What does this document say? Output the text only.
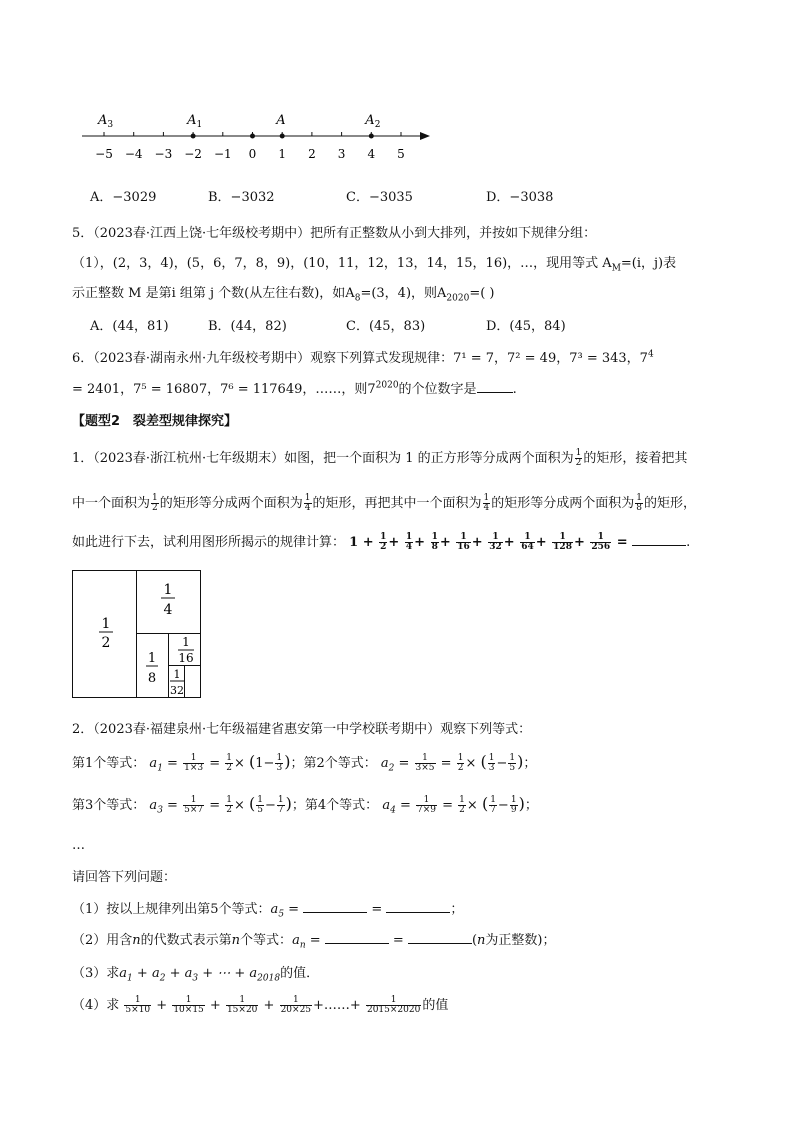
−5 −4 −3 −2 −1 0 1 2 3 4 5
$A_3$	$A_1$	A	$A_2$
A．−3029	B．−3032	C．−3035	D．−3038
5．（2023春·江西上饶·七年级校考期中）把所有正整数从小到大排列，并按如下规律分组：
（1），(2，3，4)，(5，6，7，8，9)，(10，11，12，13，14，15，16)，…，现用等式 $A_M=(i$，j)表
示正整数 M 是第i 组第 j 个数(从左往右数)，如$A_8=(3$，4)，则$A_{2020}=$( )
A．(44，81)	B．(44，82)	C．(45，83)	D．(45，84)
6．（2023春·湖南永州·九年级校考期中）观察下列算式发现规律：7¹ = 7，7² = 49，7³ = 343，$7^4$
= 2401，7⁵ = 16807，7⁶ = 117649，……，则$7^{2020}$的个位数字是	.
【题型2　裂差型规律探究】
1．（2023春·浙江杭州·七年级期末）如图，把一个面积为 1 的正方形等分成两个面积为 $\frac{1}{2}$ 的矩形，接着把其
中一个面积为 $\frac{1}{2}$ 的矩形等分成两个面积为 $\frac{1}{4}$ 的矩形，再把其中一个面积为 $\frac{1}{4}$ 的矩形等分成两个面积为 $\frac{1}{8}$ 的矩形，
如此进行下去，试利用图形所揭示的规律计算： $1 + \frac{1}{2} + \frac{1}{4} + \frac{1}{8} + \frac{1}{16} + \frac{1}{32} + \frac{1}{64} + \frac{1}{128} + \frac{1}{256}$ =	.
1
2
1
4
1
8
1
16
1
32
2．（2023春·福建泉州·七年级福建省惠安第一中学校联考期中）观察下列等式：
第1个等式： $a_1 = \frac{1}{1\times 3} = \frac{1}{2} \times (1- \frac{1}{3}$ )；第2个等式： $a_2 = \frac{1}{3\times 5} = \frac{1}{2}$ × ( $\frac{1}{3} - \frac{1}{5}$ )；
第3个等式： $a_3 = \frac{1}{5\times 7} = \frac{1}{2}$ × ( $\frac{1}{5} - \frac{1}{7}$ )；第4个等式： $a_4 = \frac{1}{7\times 9} = \frac{1}{2}$ × ( $\frac{1}{7} - \frac{1}{9}$ )；
…
请回答下列问题：
（1）按以上规律列出第5个等式：$a_5$ =	=	；
（2）用含n的代数式表示第n个等式：$a_n$ =	=	(n为正整数)；
（3）求$a_1 + a_2 + a_3$ + ⋯ + $a_{2018}$的值．
（4）求 $\frac{1}{5\times 10} + \frac{1}{10\times 15} + \frac{1}{15\times 20} + \frac{1}{20\times 25}$ +……+ $\frac{1}{2015\times 2020}$ 的值
